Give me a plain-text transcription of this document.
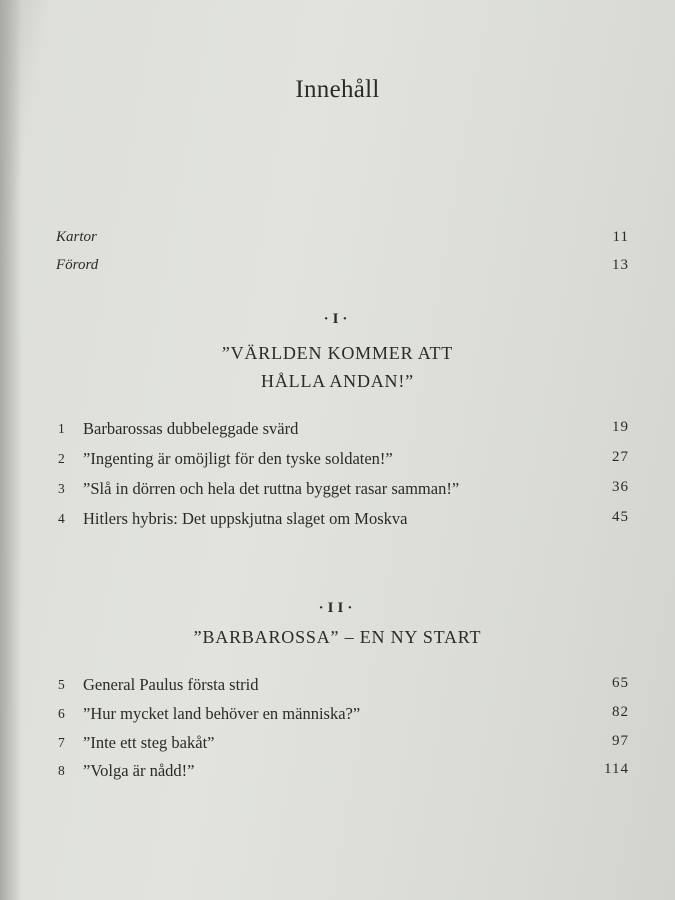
Innehåll
Kartor	11
Förord	13
·I·
”VÄRLDEN KOMMER ATT
HÅLLA ANDAN!”
1 Barbarossas dubbeleggade svärd	19
2 ”Ingenting är omöjligt för den tyske soldaten!”	27
3 ”Slå in dörren och hela det ruttna bygget rasar samman!”	36
4 Hitlers hybris: Det uppskjutna slaget om Moskva	45
·II·
”BARBAROSSA” – EN NY START
5 General Paulus första strid	65
6 ”Hur mycket land behöver en människa?”	82
7 ”Inte ett steg bakåt”	97
8 ”Volga är nådd!”	114
